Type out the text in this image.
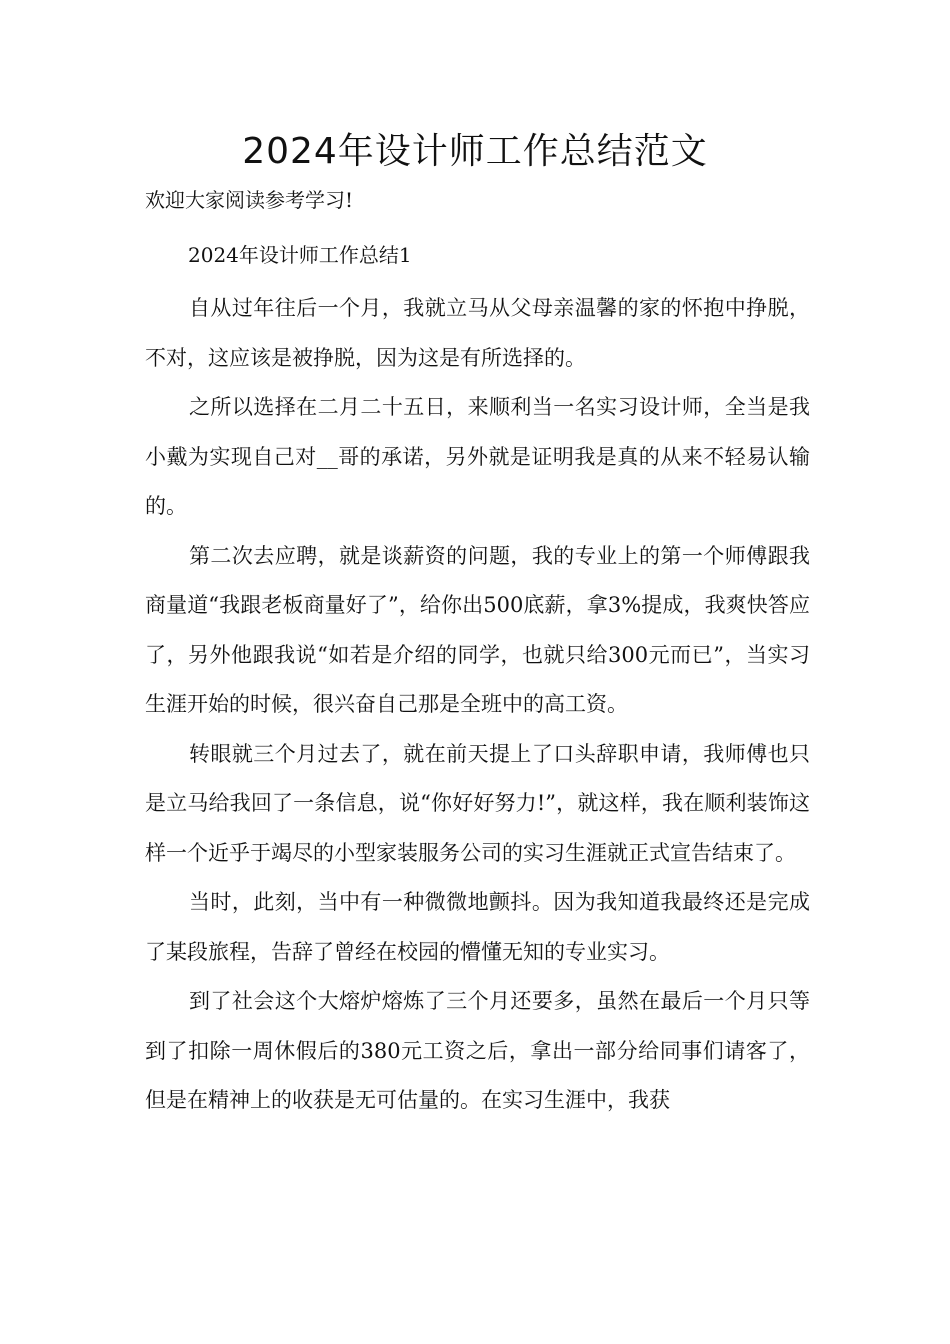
2024年设计师工作总结范文

欢迎大家阅读参考学习!

2024年设计师工作总结1

自从过年往后一个月，我就立马从父母亲温馨的家的怀抱中挣脱，不对，这应该是被挣脱，因为这是有所选择的。

之所以选择在二月二十五日，来顺利当一名实习设计师，全当是我小戴为实现自己对__哥的承诺，另外就是证明我是真的从来不轻易认输的。

第二次去应聘，就是谈薪资的问题，我的专业上的第一个师傅跟我商量道“我跟老板商量好了”，给你出500底薪，拿3%提成，我爽快答应了，另外他跟我说“如若是介绍的同学，也就只给300元而已”，当实习生涯开始的时候，很兴奋自己那是全班中的高工资。

转眼就三个月过去了，就在前天提上了口头辞职申请，我师傅也只是立马给我回了一条信息，说“你好好努力!”，就这样，我在顺利装饰这样一个近乎于竭尽的小型家装服务公司的实习生涯就正式宣告结束了。

当时，此刻，当中有一种微微地颤抖。因为我知道我最终还是完成了某段旅程，告辞了曾经在校园的懵懂无知的专业实习。

到了社会这个大熔炉熔炼了三个月还要多，虽然在最后一个月只等到了扣除一周休假后的380元工资之后，拿出一部分给同事们请客了，但是在精神上的收获是无可估量的。在实习生涯中，我获
